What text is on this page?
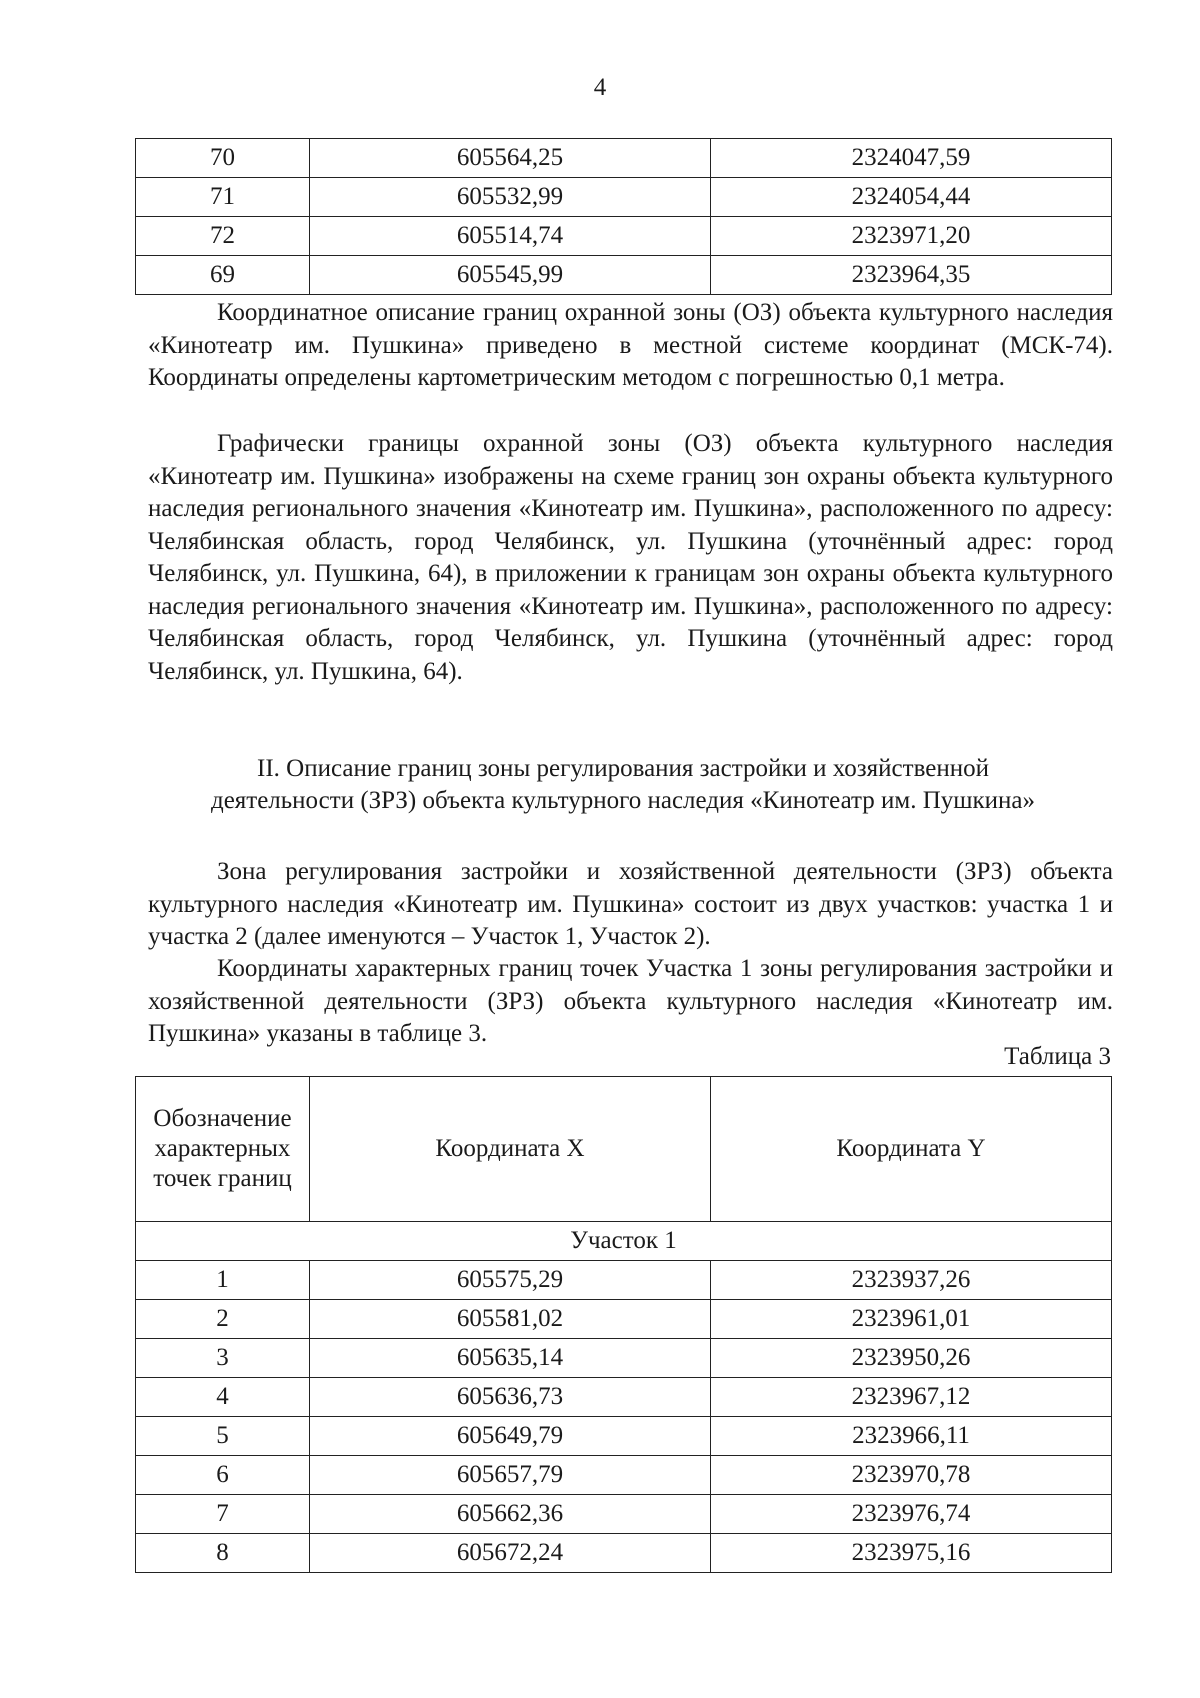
4
70	605564,25	2324047,59
71	605532,99	2324054,44
72	605514,74	2323971,20
69	605545,99	2323964,35

Координатное описание границ охранной зоны (ОЗ) объекта культурного наследия «Кинотеатр им. Пушкина» приведено в местной системе координат (МСК-74). Координаты определены картометрическим методом с погрешностью 0,1 метра.

Графически границы охранной зоны (ОЗ) объекта культурного наследия «Кинотеатр им. Пушкина» изображены на схеме границ зон охраны объекта культурного наследия регионального значения «Кинотеатр им. Пушкина», расположенного по адресу: Челябинская область, город Челябинск, ул. Пушкина (уточнённый адрес: город Челябинск, ул. Пушкина, 64), в приложении к границам зон охраны объекта культурного наследия регионального значения «Кинотеатр им. Пушкина», расположенного по адресу: Челябинская область, город Челябинск, ул. Пушкина (уточнённый адрес: город Челябинск, ул. Пушкина, 64).

II. Описание границ зоны регулирования застройки и хозяйственной
деятельности (ЗРЗ) объекта культурного наследия «Кинотеатр им. Пушкина»

Зона регулирования застройки и хозяйственной деятельности (ЗРЗ) объекта культурного наследия «Кинотеатр им. Пушкина» состоит из двух участков: участка 1 и участка 2 (далее именуются – Участок 1, Участок 2).

Координаты характерных границ точек Участка 1 зоны регулирования застройки и хозяйственной деятельности (ЗРЗ) объекта культурного наследия «Кинотеатр им. Пушкина» указаны в таблице 3.

Таблица 3
Обозначение характерных точек границ	Координата X	Координата Y
Участок 1		
1	605575,29	2323937,26
2	605581,02	2323961,01
3	605635,14	2323950,26
4	605636,73	2323967,12
5	605649,79	2323966,11
6	605657,79	2323970,78
7	605662,36	2323976,74
8	605672,24	2323975,16
